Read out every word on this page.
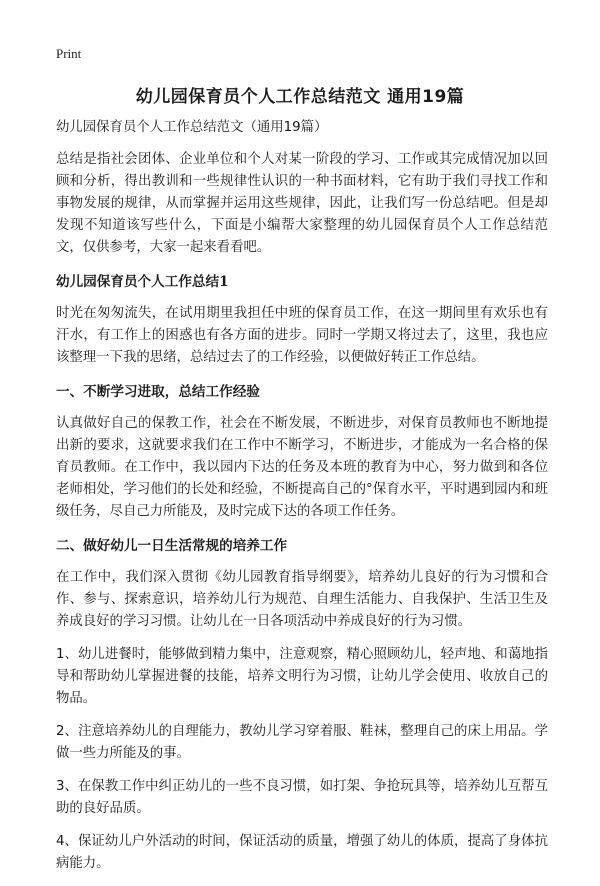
Print
幼儿园保育员个人工作总结范文 通用19篇

幼儿园保育员个人工作总结范文（通用19篇）

总结是指社会团体、企业单位和个人对某一阶段的学习、工作或其完成情况加以回顾和分析，得出教训和一些规律性认识的一种书面材料，它有助于我们寻找工作和事物发展的规律，从而掌握并运用这些规律，因此，让我们写一份总结吧。但是却发现不知道该写些什么，下面是小编帮大家整理的幼儿园保育员个人工作总结范文，仅供参考，大家一起来看看吧。

幼儿园保育员个人工作总结1

时光在匆匆流失，在试用期里我担任中班的保育员工作，在这一期间里有欢乐也有汗水，有工作上的困惑也有各方面的进步。同时一学期又将过去了，这里，我也应该整理一下我的思绪，总结过去了的工作经验，以便做好转正工作总结。

一、不断学习进取，总结工作经验

认真做好自己的保教工作，社会在不断发展，不断进步，对保育员教师也不断地提出新的要求，这就要求我们在工作中不断学习，不断进步，才能成为一名合格的保育员教师。在工作中，我以园内下达的任务及本班的教育为中心，努力做到和各位老师相处，学习他们的长处和经验，不断提高自己的°保育水平，平时遇到园内和班级任务，尽自己力所能及，及时完成下达的各项工作任务。

二、做好幼儿一日生活常规的培养工作

在工作中，我们深入贯彻《幼儿园教育指导纲要》，培养幼儿良好的行为习惯和合作、参与、探索意识，培养幼儿行为规范、自理生活能力、自我保护、生活卫生及养成良好的学习习惯。让幼儿在一日各项活动中养成良好的行为习惯。

1、幼儿进餐时，能够做到精力集中，注意观察，精心照顾幼儿，轻声地、和蔼地指导和帮助幼儿掌握进餐的技能，培养文明行为习惯，让幼儿学会使用、收放自己的物品。

2、注意培养幼儿的自理能力，教幼儿学习穿着服、鞋袜，整理自己的床上用品。学做一些力所能及的事。

3、在保教工作中纠正幼儿的一些不良习惯，如打架、争抢玩具等，培养幼儿互帮互助的良好品质。

4、保证幼儿户外活动的时间，保证活动的质量，增强了幼儿的体质，提高了身体抗病能力。
